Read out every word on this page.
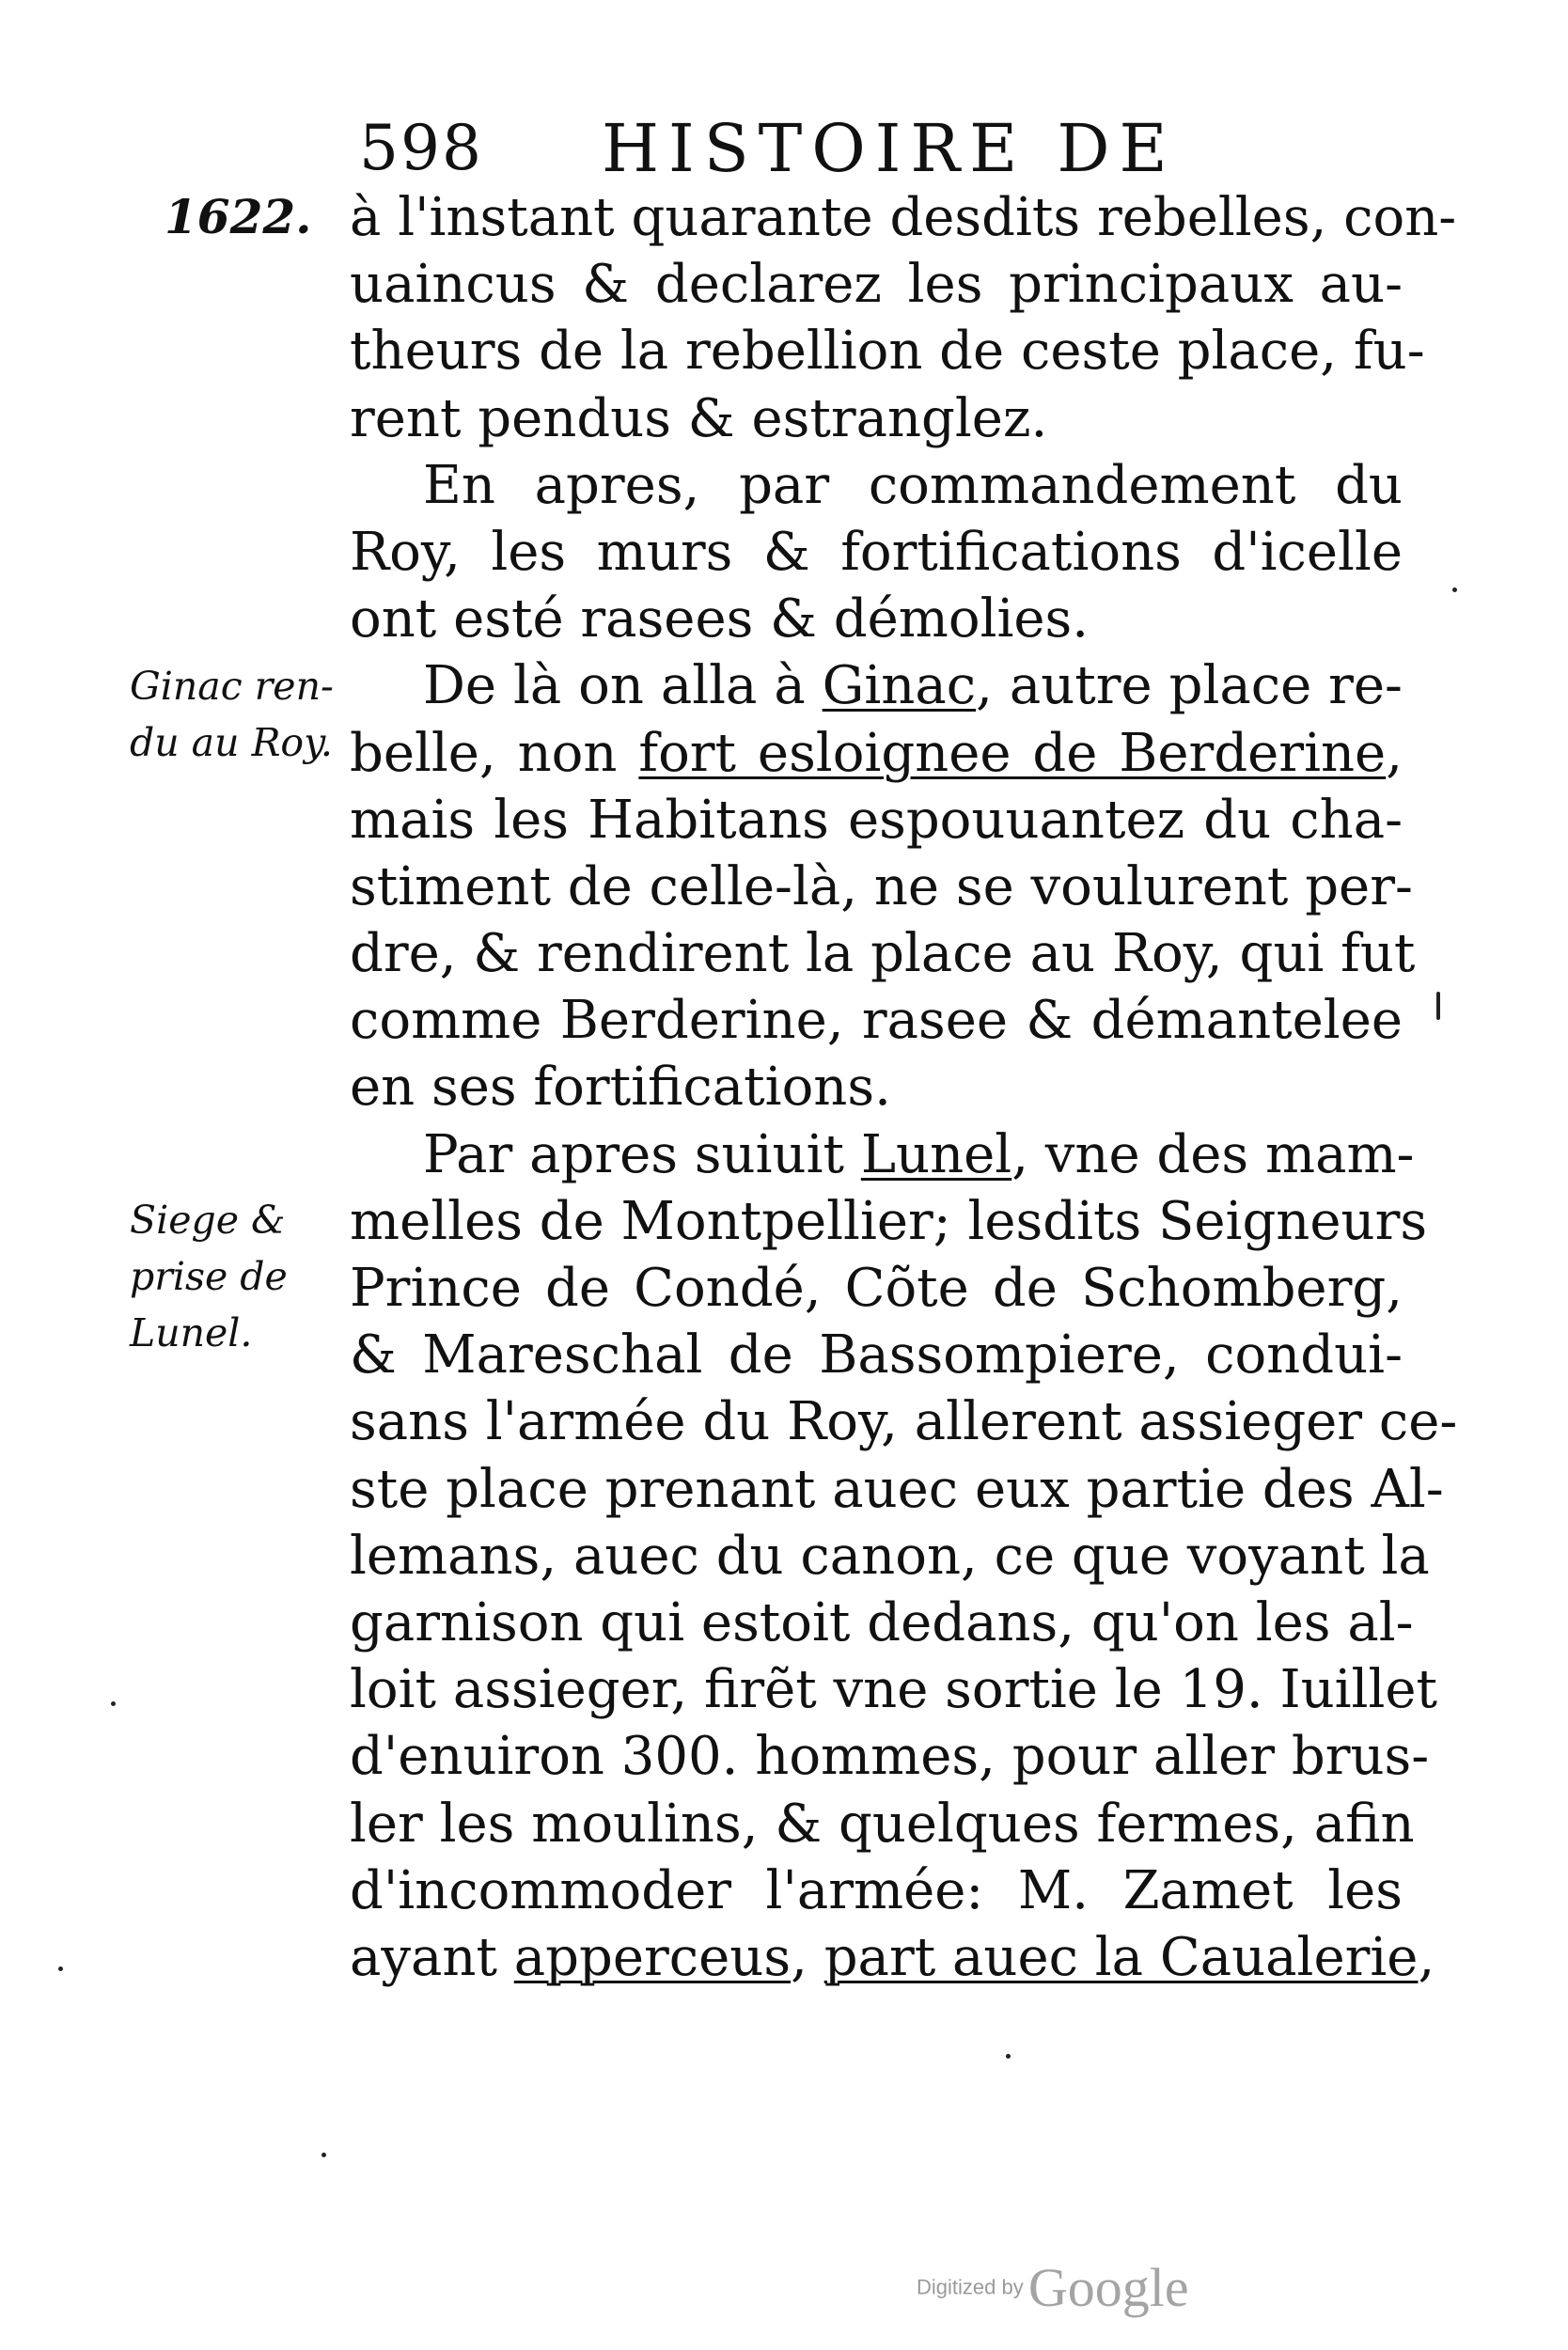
598 HISTOIRE DE
1622.
Ginac ren-
du au Roy.
Siege &
prise de
Lunel.
à l'instant quarante desdits rebelles, con-
uaincus & declarez les principaux au-
theurs de la rebellion de ceste place, fu-
rent pendus & estranglez.
En apres, par commandement du
Roy, les murs & fortifications d'icelle
ont esté rasees & démolies.
De là on alla à Ginac, autre place re-
belle, non fort esloignee de Berderine,
mais les Habitans espouuantez du cha-
stiment de celle-là, ne se voulurent per-
dre, & rendirent la place au Roy, qui fut
comme Berderine, rasee & démantelee
en ses fortifications.
Par apres suiuit Lunel, vne des mam-
melles de Montpellier; lesdits Seigneurs
Prince de Condé, Cõte de Schomberg,
& Mareschal de Bassompiere, condui-
sans l'armée du Roy, allerent assieger ce-
ste place prenant auec eux partie des Al-
lemans, auec du canon, ce que voyant la
garnison qui estoit dedans, qu'on les al-
loit assieger, firẽt vne sortie le 19. Iuillet
d'enuiron 300. hommes, pour aller brus-
ler les moulins, & quelques fermes, afin
d'incommoder l'armée: M. Zamet les
ayant apperceus, part auec la Caualerie,
Digitized by Google
